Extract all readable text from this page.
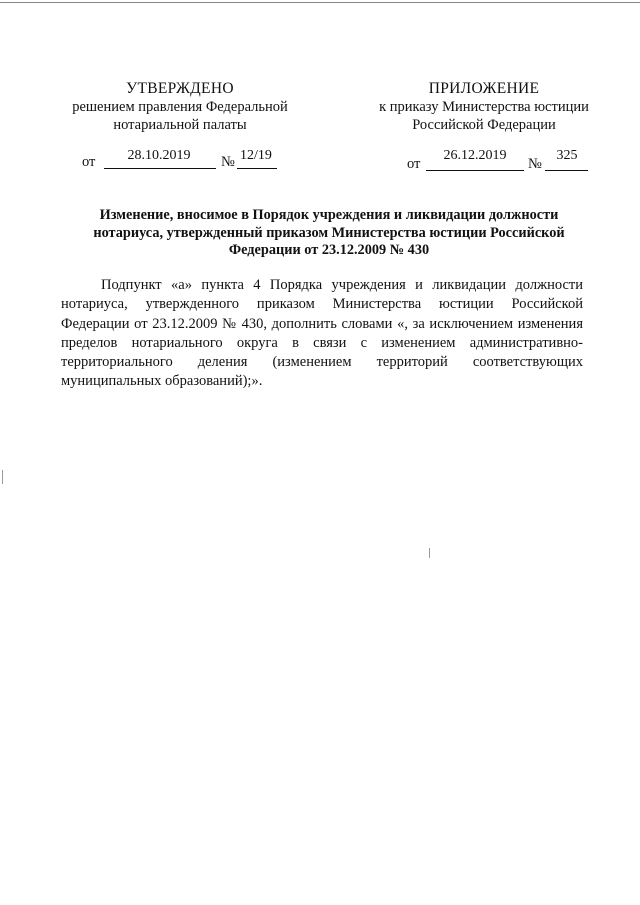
УТВЕРЖДЕНО
решением правления Федеральной
нотариальной палаты
от	28.10.2019	№ 12/19
ПРИЛОЖЕНИЕ
к приказу Министерства юстиции
Российской Федерации
от
26.12.2019
№
325
Изменение, вносимое в Порядок учреждения и ликвидации должности нотариуса, утвержденный приказом Министерства юстиции Российской Федерации от 23.12.2009 № 430
Подпункт «а» пункта 4 Порядка учреждения и ликвидации должности нотариуса, утвержденного приказом Министерства юстиции Российской Федерации от 23.12.2009 № 430, дополнить словами «, за исключением изменения пределов нотариального округа в связи с изменением административно-территориального деления (изменением территорий соответствующих муниципальных образований);».
